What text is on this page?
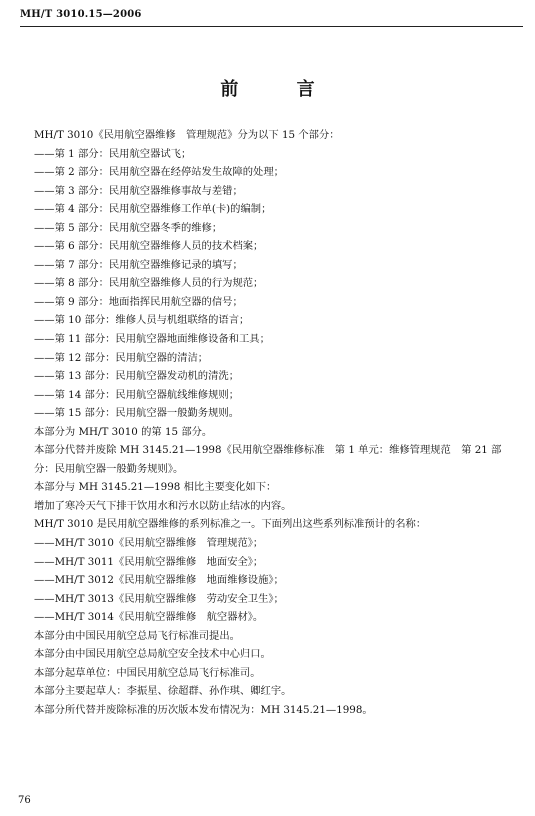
MH/T 3010.15—2006
前 言
MH/T 3010《民用航空器维修　管理规范》分为以下 15 个部分：
——第 1 部分：民用航空器试飞；
——第 2 部分：民用航空器在经停站发生故障的处理；
——第 3 部分：民用航空器维修事故与差错；
——第 4 部分：民用航空器维修工作单(卡)的编制；
——第 5 部分：民用航空器冬季的维修；
——第 6 部分：民用航空器维修人员的技术档案；
——第 7 部分：民用航空器维修记录的填写；
——第 8 部分：民用航空器维修人员的行为规范；
——第 9 部分：地面指挥民用航空器的信号；
——第 10 部分：维修人员与机组联络的语言；
——第 11 部分：民用航空器地面维修设备和工具；
——第 12 部分：民用航空器的清洁；
——第 13 部分：民用航空器发动机的清洗；
——第 14 部分：民用航空器航线维修规则；
——第 15 部分：民用航空器一般勤务规则。
本部分为 MH/T 3010 的第 15 部分。
本部分代替并废除 MH 3145.21—1998《民用航空器维修标准　第 1 单元：维修管理规范　第 21 部分：民用航空器一般勤务规则》。
本部分与 MH 3145.21—1998 相比主要变化如下：
增加了寒冷天气下排干饮用水和污水以防止结冰的内容。
MH/T 3010 是民用航空器维修的系列标准之一。下面列出这些系列标准预计的名称：
——MH/T 3010《民用航空器维修　管理规范》；
——MH/T 3011《民用航空器维修　地面安全》；
——MH/T 3012《民用航空器维修　地面维修设施》；
——MH/T 3013《民用航空器维修　劳动安全卫生》；
——MH/T 3014《民用航空器维修　航空器材》。
本部分由中国民用航空总局飞行标准司提出。
本部分由中国民用航空总局航空安全技术中心归口。
本部分起草单位：中国民用航空总局飞行标准司。
本部分主要起草人：李振星、徐超群、孙作琪、卿红宇。
本部分所代替并废除标准的历次版本发布情况为：MH 3145.21—1998。
76
